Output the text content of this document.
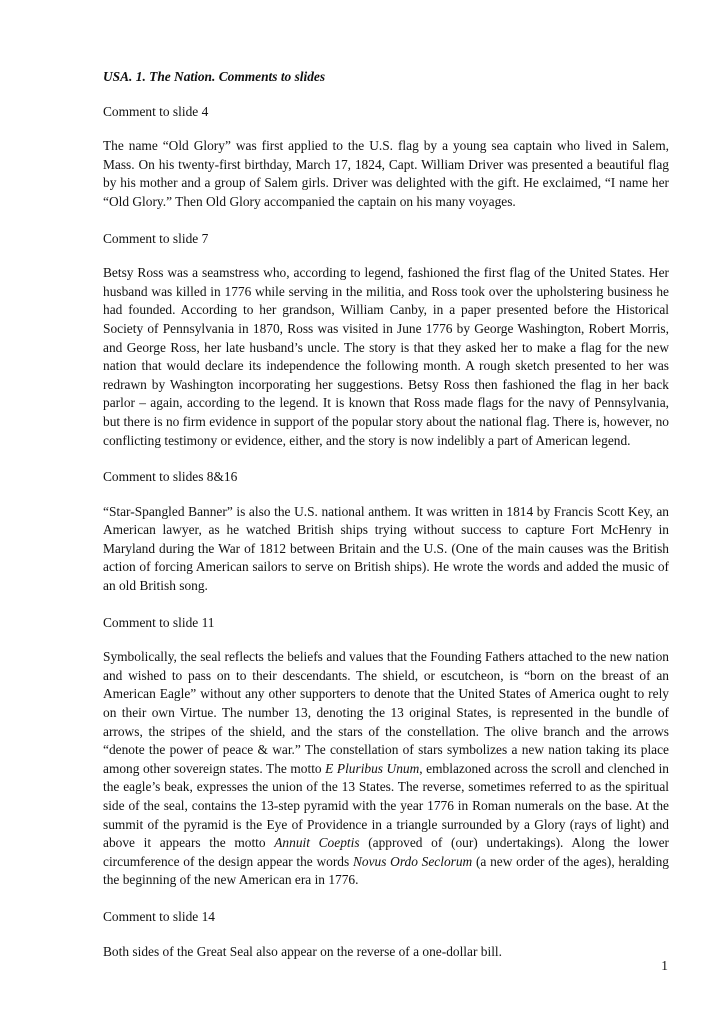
USA. 1. The Nation. Comments to slides

Comment to slide 4

The name “Old Glory” was first applied to the U.S. flag by a young sea captain who lived in Salem, Mass. On his twenty-first birthday, March 17, 1824, Capt. William Driver was presented a beautiful flag by his mother and a group of Salem girls. Driver was delighted with the gift. He exclaimed, “I name her “Old Glory.” Then Old Glory accompanied the captain on his many voyages.

Comment to slide 7

Betsy Ross was a seamstress who, according to legend, fashioned the first flag of the United States. Her husband was killed in 1776 while serving in the militia, and Ross took over the upholstering business he had founded. According to her grandson, William Canby, in a paper presented before the Historical Society of Pennsylvania in 1870, Ross was visited in June 1776 by George Washington, Robert Morris, and George Ross, her late husband’s uncle. The story is that they asked her to make a flag for the new nation that would declare its independence the following month. A rough sketch presented to her was redrawn by Washington incorporating her suggestions. Betsy Ross then fashioned the flag in her back parlor – again, according to the legend. It is known that Ross made flags for the navy of Pennsylvania, but there is no firm evidence in support of the popular story about the national flag. There is, however, no conflicting testimony or evidence, either, and the story is now indelibly a part of American legend.

Comment to slides 8&16

“Star-Spangled Banner” is also the U.S. national anthem. It was written in 1814 by Francis Scott Key, an American lawyer, as he watched British ships trying without success to capture Fort McHenry in Maryland during the War of 1812 between Britain and the U.S. (One of the main causes was the British action of forcing American sailors to serve on British ships). He wrote the words and added the music of an old British song.

Comment to slide 11

Symbolically, the seal reflects the beliefs and values that the Founding Fathers attached to the new nation and wished to pass on to their descendants. The shield, or escutcheon, is “born on the breast of an American Eagle” without any other supporters to denote that the United States of America ought to rely on their own Virtue. The number 13, denoting the 13 original States, is represented in the bundle of arrows, the stripes of the shield, and the stars of the constellation. The olive branch and the arrows “denote the power of peace & war.” The constellation of stars symbolizes a new nation taking its place among other sovereign states. The motto E Pluribus Unum, emblazoned across the scroll and clenched in the eagle’s beak, expresses the union of the 13 States. The reverse, sometimes referred to as the spiritual side of the seal, contains the 13-step pyramid with the year 1776 in Roman numerals on the base. At the summit of the pyramid is the Eye of Providence in a triangle surrounded by a Glory (rays of light) and above it appears the motto Annuit Coeptis (approved of (our) undertakings). Along the lower circumference of the design appear the words Novus Ordo Seclorum (a new order of the ages), heralding the beginning of the new American era in 1776.

Comment to slide 14

Both sides of the Great Seal also appear on the reverse of a one-dollar bill.

1
